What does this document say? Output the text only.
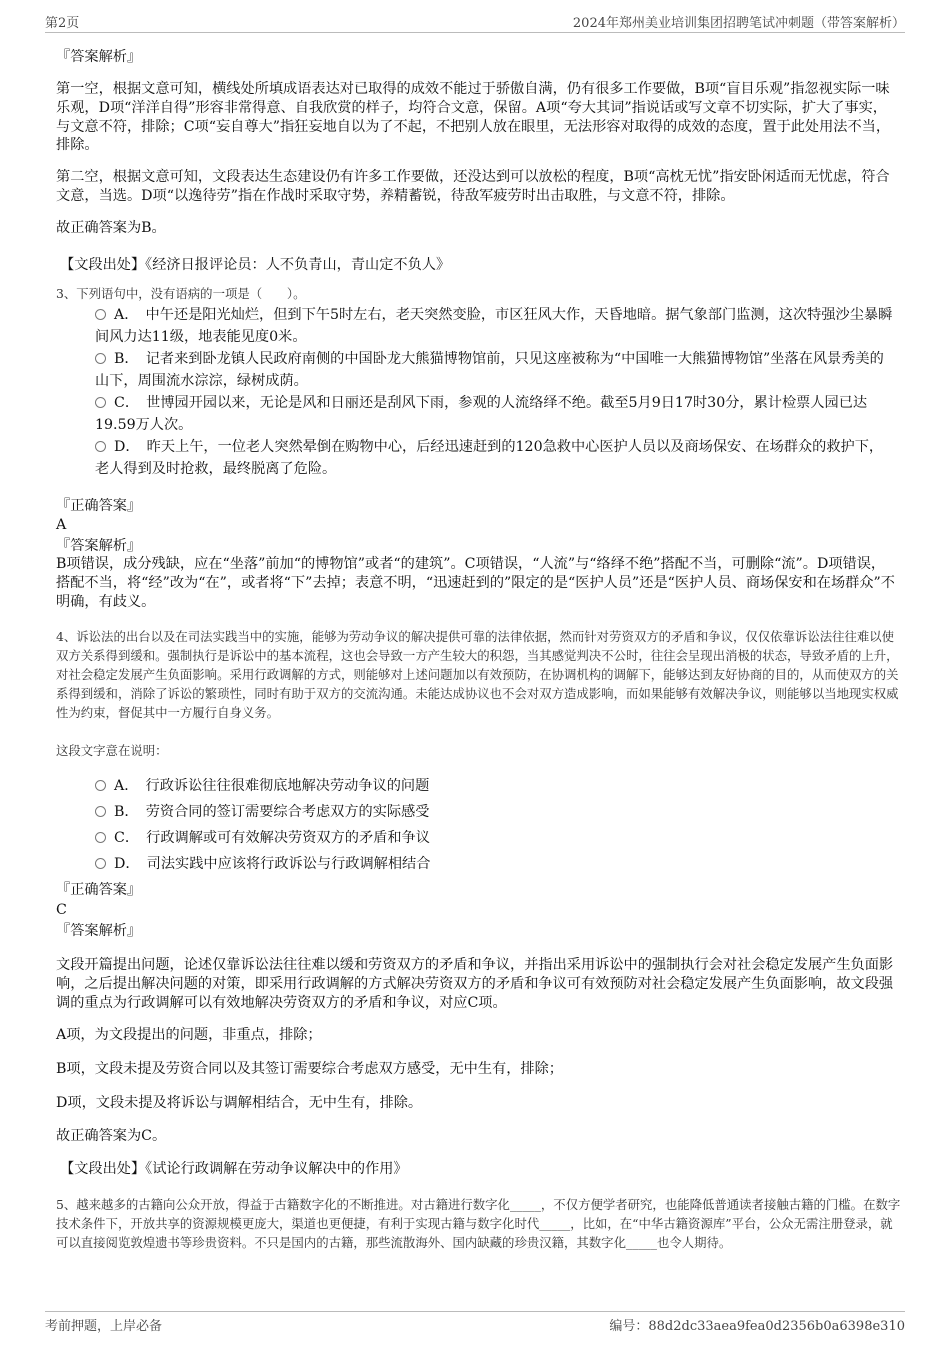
第2页	2024年郑州美业培训集团招聘笔试冲刺题（带答案解析）
『答案解析』
第一空，根据文意可知，横线处所填成语表达对已取得的成效不能过于骄傲自满，仍有很多工作要做，B项“盲目乐观”指忽视实际一味乐观，D项“洋洋自得”形容非常得意、自我欣赏的样子，均符合文意，保留。A项“夸大其词”指说话或写文章不切实际，扩大了事实，与文意不符，排除；C项“妄自尊大”指狂妄地自以为了不起，不把别人放在眼里，无法形容对取得的成效的态度，置于此处用法不当，排除。
第二空，根据文意可知，文段表达生态建设仍有许多工作要做，还没达到可以放松的程度，B项“高枕无忧”指安卧闲适而无忧虑，符合文意，当选。D项“以逸待劳”指在作战时采取守势，养精蓄锐，待敌军疲劳时出击取胜，与文意不符，排除。
故正确答案为B。
【文段出处】《经济日报评论员：人不负青山，青山定不负人》
3、下列语句中，没有语病的一项是（　　）。
A．　中午还是阳光灿烂，但到下午5时左右，老天突然变脸，市区狂风大作，天昏地暗。据气象部门监测，这次特强沙尘暴瞬间风力达11级，地表能见度0米。
B．　记者来到卧龙镇人民政府南侧的中国卧龙大熊猫博物馆前，只见这座被称为“中国唯一大熊猫博物馆”坐落在风景秀美的山下，周围流水淙淙，绿树成荫。
C．　世博园开园以来，无论是风和日丽还是刮风下雨，参观的人流络绎不绝。截至5月9日17时30分，累计检票人园已达19.59万人次。
D．　昨天上午，一位老人突然晕倒在购物中心，后经迅速赶到的120急救中心医护人员以及商场保安、在场群众的救护下，老人得到及时抢救，最终脱离了危险。
『正确答案』
A
『答案解析』
B项错误，成分残缺，应在“坐落”前加“的博物馆”或者“的建筑”。C项错误，“人流”与“络绎不绝”搭配不当，可删除“流”。D项错误，搭配不当，将“经”改为“在”，或者将“下”去掉；表意不明，“迅速赶到的”限定的是“医护人员”还是“医护人员、商场保安和在场群众”不明确，有歧义。
4、诉讼法的出台以及在司法实践当中的实施，能够为劳动争议的解决提供可靠的法律依据，然而针对劳资双方的矛盾和争议，仅仅依靠诉讼法往往难以使双方关系得到缓和。强制执行是诉讼中的基本流程，这也会导致一方产生较大的积怨，当其感觉判决不公时，往往会呈现出消极的状态，导致矛盾的上升，对社会稳定发展产生负面影响。采用行政调解的方式，则能够对上述问题加以有效预防，在协调机构的调解下，能够达到友好协商的目的，从而使双方的关系得到缓和，消除了诉讼的繁琐性，同时有助于双方的交流沟通。未能达成协议也不会对双方造成影响，而如果能够有效解决争议，则能够以当地现实权威性为约束，督促其中一方履行自身义务。
这段文字意在说明：
A．　行政诉讼往往很难彻底地解决劳动争议的问题
B．　劳资合同的签订需要综合考虑双方的实际感受
C．　行政调解或可有效解决劳资双方的矛盾和争议
D．　司法实践中应该将行政诉讼与行政调解相结合
『正确答案』
C
『答案解析』
文段开篇提出问题，论述仅靠诉讼法往往难以缓和劳资双方的矛盾和争议，并指出采用诉讼中的强制执行会对社会稳定发展产生负面影响，之后提出解决问题的对策，即采用行政调解的方式解决劳资双方的矛盾和争议可有效预防对社会稳定发展产生负面影响，故文段强调的重点为行政调解可以有效地解决劳资双方的矛盾和争议，对应C项。
A项，为文段提出的问题，非重点，排除；
B项，文段未提及劳资合同以及其签订需要综合考虑双方感受，无中生有，排除；
D项，文段未提及将诉讼与调解相结合，无中生有，排除。
故正确答案为C。
【文段出处】《试论行政调解在劳动争议解决中的作用》
5、越来越多的古籍向公众开放，得益于古籍数字化的不断推进。对古籍进行数字化_____，不仅方便学者研究，也能降低普通读者接触古籍的门槛。在数字技术条件下，开放共享的资源规模更庞大，渠道也更便捷，有利于实现古籍与数字化时代_____，比如，在“中华古籍资源库”平台，公众无需注册登录，就可以直接阅览敦煌遗书等珍贵资料。不只是国内的古籍，那些流散海外、国内缺藏的珍贵汉籍，其数字化_____也令人期待。
考前押题，上岸必备	编号：88d2dc33aea9fea0d2356b0a6398e310
